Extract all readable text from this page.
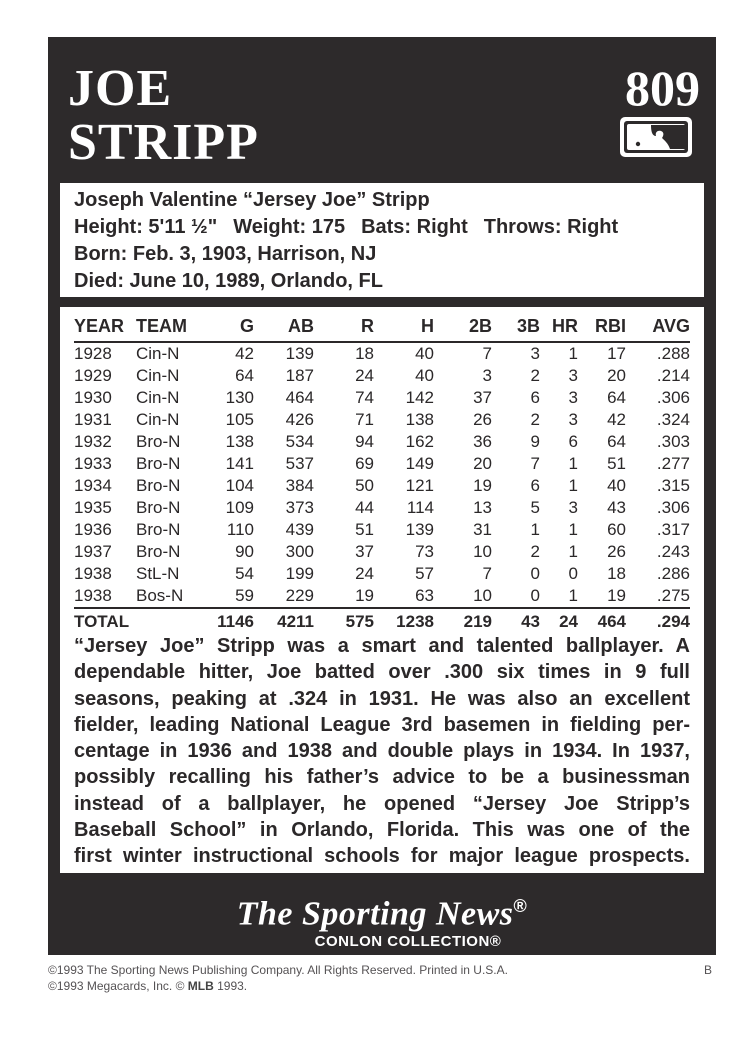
JOE
STRIPP
809
Joseph Valentine “Jersey Joe” Stripp
Height: 5'11 ½" Weight: 175 Bats: Right Throws: Right
Born: Feb. 3, 1903, Harrison, NJ
Died: June 10, 1989, Orlando, FL
YEAR	TEAM	G	AB	R	H	2B	3B	HR	RBI	AVG
1928	Cin-N	42	139	18	40	7	3	1	17	.288
1929	Cin-N	64	187	24	40	3	2	3	20	.214
1930	Cin-N	130	464	74	142	37	6	3	64	.306
1931	Cin-N	105	426	71	138	26	2	3	42	.324
1932	Bro-N	138	534	94	162	36	9	6	64	.303
1933	Bro-N	141	537	69	149	20	7	1	51	.277
1934	Bro-N	104	384	50	121	19	6	1	40	.315
1935	Bro-N	109	373	44	114	13	5	3	43	.306
1936	Bro-N	110	439	51	139	31	1	1	60	.317
1937	Bro-N	90	300	37	73	10	2	1	26	.243
1938	StL-N	54	199	24	57	7	0	0	18	.286
1938	Bos-N	59	229	19	63	10	0	1	19	.275
TOTAL		1146	4211	575	1238	219	43	24	464	.294
“Jersey Joe” Stripp was a smart and talented ballplayer. A
dependable hitter, Joe batted over .300 six times in 9 full
seasons, peaking at .324 in 1931. He was also an excellent
fielder, leading National League 3rd basemen in fielding per-
centage in 1936 and 1938 and double plays in 1934. In 1937,
possibly recalling his father’s advice to be a businessman
instead of a ballplayer, he opened “Jersey Joe Stripp’s
Baseball School” in Orlando, Florida. This was one of the
first winter instructional schools for major league prospects.
The Sporting News®
CONLON COLLECTION®
©1993 The Sporting News Publishing Company. All Rights Reserved. Printed in U.S.A.	B
©1993 Megacards, Inc. © MLB 1993.
